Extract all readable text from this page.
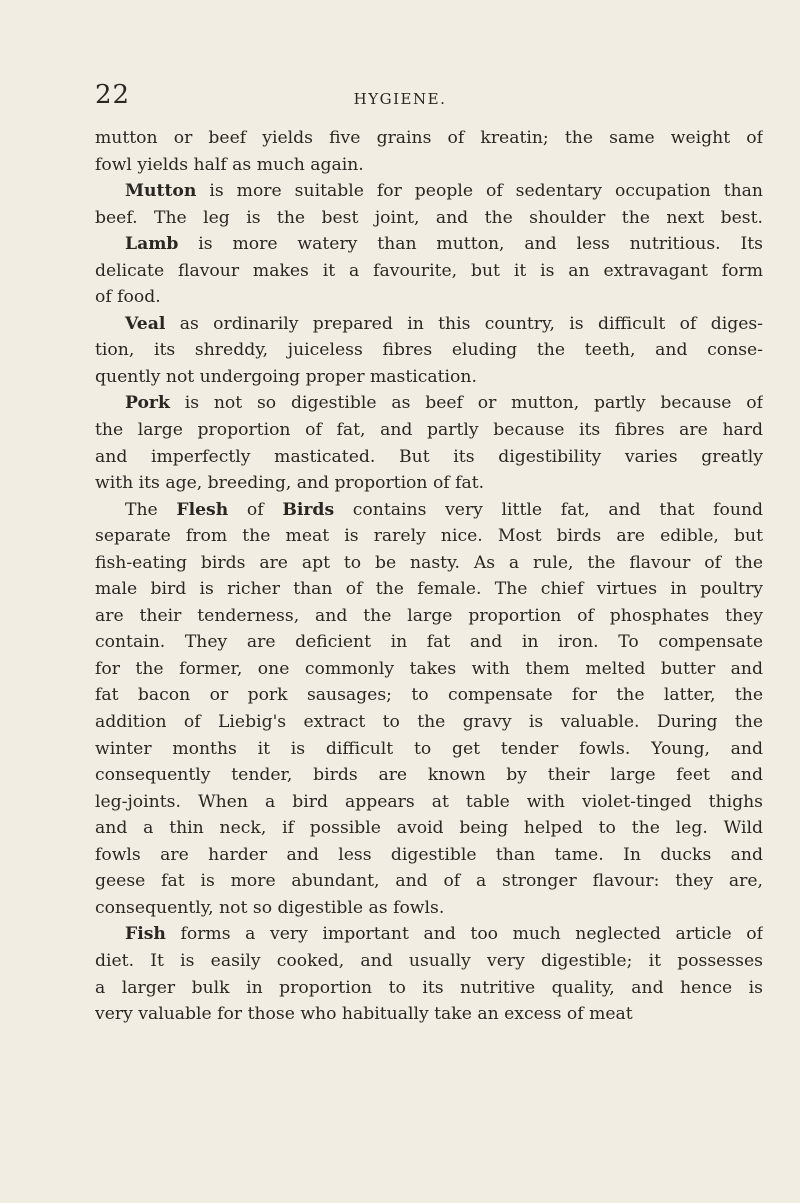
22	HYGIENE.
mutton or beef yields five grains of kreatin; the same weight of
fowl yields half as much again.
Mutton is more suitable for people of sedentary occupation than
beef. The leg is the best joint, and the shoulder the next best.
Lamb is more watery than mutton, and less nutritious. Its
delicate flavour makes it a favourite, but it is an extravagant form
of food.
Veal as ordinarily prepared in this country, is difficult of diges-
tion, its shreddy, juiceless fibres eluding the teeth, and conse-
quently not undergoing proper mastication.
Pork is not so digestible as beef or mutton, partly because of
the large proportion of fat, and partly because its fibres are hard
and imperfectly masticated. But its digestibility varies greatly
with its age, breeding, and proportion of fat.
The Flesh of Birds contains very little fat, and that found
separate from the meat is rarely nice. Most birds are edible, but
fish-eating birds are apt to be nasty. As a rule, the flavour of the
male bird is richer than of the female. The chief virtues in poultry
are their tenderness, and the large proportion of phosphates they
contain. They are deficient in fat and in iron. To compensate
for the former, one commonly takes with them melted butter and
fat bacon or pork sausages; to compensate for the latter, the
addition of Liebig's extract to the gravy is valuable. During the
winter months it is difficult to get tender fowls. Young, and
consequently tender, birds are known by their large feet and
leg-joints. When a bird appears at table with violet-tinged thighs
and a thin neck, if possible avoid being helped to the leg. Wild
fowls are harder and less digestible than tame. In ducks and
geese fat is more abundant, and of a stronger flavour: they are,
consequently, not so digestible as fowls.
Fish forms a very important and too much neglected article of
diet. It is easily cooked, and usually very digestible; it possesses
a larger bulk in proportion to its nutritive quality, and hence is
very valuable for those who habitually take an excess of meat
